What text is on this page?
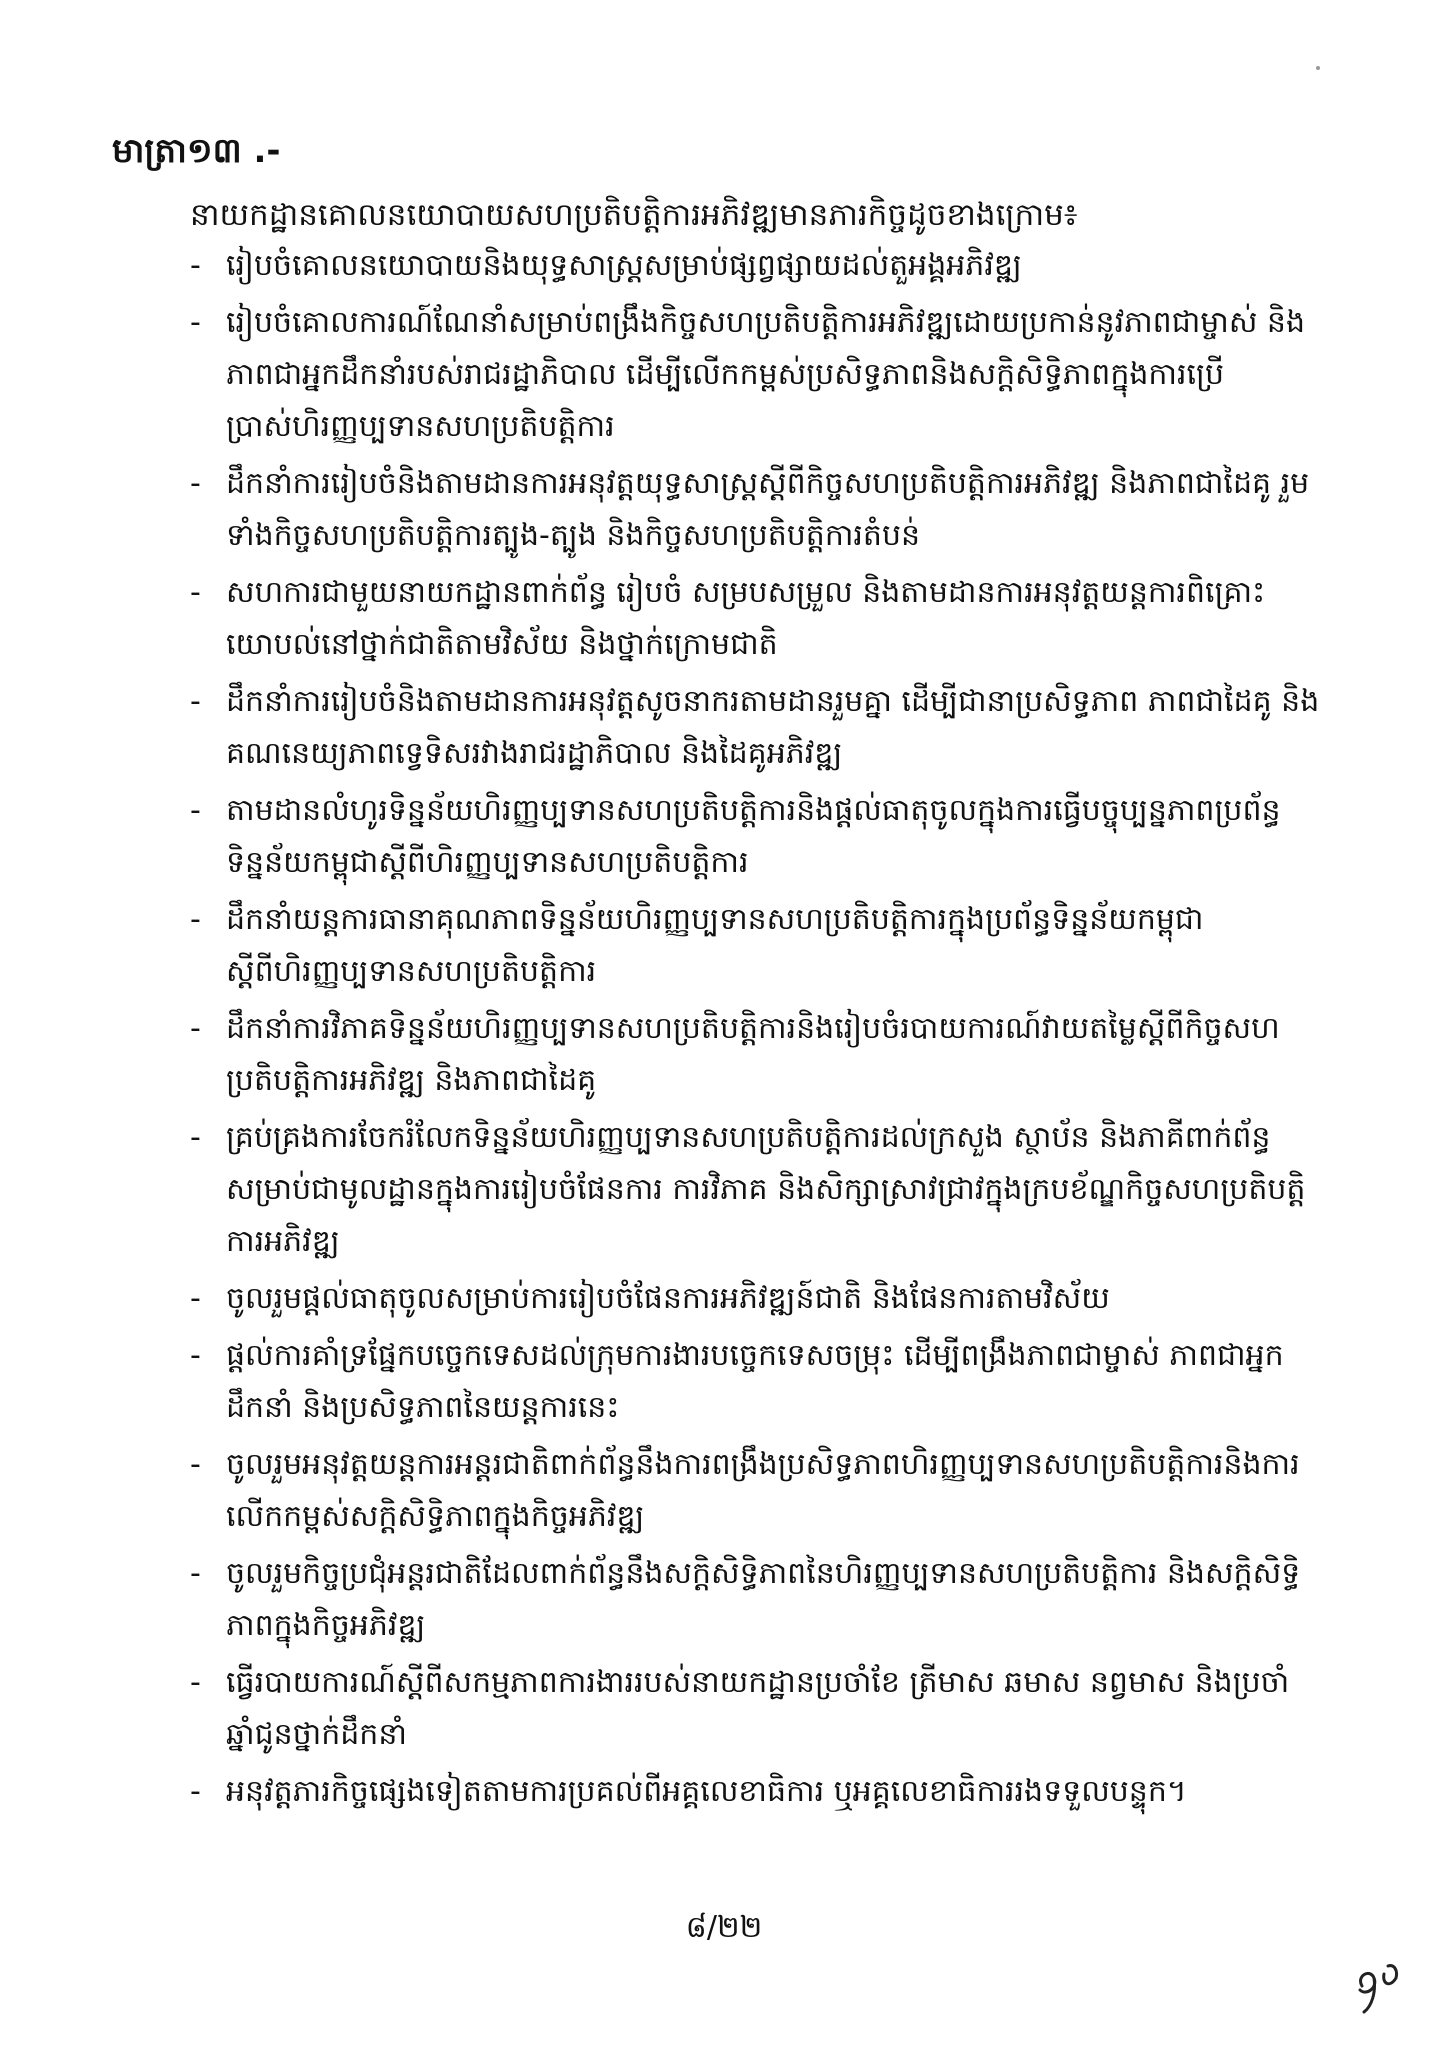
មាត្រា១៣ .-
នាយកដ្ឋានគោលនយោបាយសហប្រតិបត្តិការអភិវឌ្ឍមានភារកិច្ចដូចខាងក្រោម៖
- រៀបចំគោលនយោបាយនិងយុទ្ធសាស្ត្រសម្រាប់ផ្សព្វផ្សាយដល់តួអង្គអភិវឌ្ឍ
- រៀបចំគោលការណ៍ណែនាំសម្រាប់ពង្រឹងកិច្ចសហប្រតិបត្តិការអភិវឌ្ឍដោយប្រកាន់នូវភាពជាម្ចាស់ និងភាពជាអ្នកដឹកនាំរបស់រាជរដ្ឋាភិបាល ដើម្បីលើកកម្ពស់ប្រសិទ្ធភាពនិងសក្តិសិទ្ធិភាពក្នុងការប្រើប្រាស់ហិរញ្ញប្បទានសហប្រតិបត្តិការ
- ដឹកនាំការរៀបចំនិងតាមដានការអនុវត្តយុទ្ធសាស្ត្រស្តីពីកិច្ចសហប្រតិបត្តិការអភិវឌ្ឍ និងភាពជាដៃគូ រួមទាំងកិច្ចសហប្រតិបត្តិការត្បូង-ត្បូង និងកិច្ចសហប្រតិបត្តិការតំបន់
- សហការជាមួយនាយកដ្ឋានពាក់ព័ន្ធ រៀបចំ សម្របសម្រួល និងតាមដានការអនុវត្តយន្តការពិគ្រោះយោបល់នៅថ្នាក់ជាតិតាមវិស័យ និងថ្នាក់ក្រោមជាតិ
- ដឹកនាំការរៀបចំនិងតាមដានការអនុវត្តសូចនាករតាមដានរួមគ្នា ដើម្បីជានាប្រសិទ្ធភាព ភាពជាដៃគូ និងគណនេយ្យភាពទ្វេទិសរវាងរាជរដ្ឋាភិបាល និងដៃគូអភិវឌ្ឍ
- តាមដានលំហូរទិន្នន័យហិរញ្ញប្បទានសហប្រតិបត្តិការនិងផ្តល់ធាតុចូលក្នុងការធ្វើបច្ចុប្បន្នភាពប្រព័ន្ធទិន្នន័យកម្ពុជាស្តីពីហិរញ្ញប្បទានសហប្រតិបត្តិការ
- ដឹកនាំយន្តការធានាគុណភាពទិន្នន័យហិរញ្ញប្បទានសហប្រតិបត្តិការក្នុងប្រព័ន្ធទិន្នន័យកម្ពុជាស្តីពីហិរញ្ញប្បទានសហប្រតិបត្តិការ
- ដឹកនាំការវិភាគទិន្នន័យហិរញ្ញប្បទានសហប្រតិបត្តិការនិងរៀបចំរបាយការណ៍វាយតម្លៃស្តីពីកិច្ចសហប្រតិបត្តិការអភិវឌ្ឍ និងភាពជាដៃគូ
- គ្រប់គ្រងការចែករំលែកទិន្នន័យហិរញ្ញប្បទានសហប្រតិបត្តិការដល់ក្រសួង ស្ថាប័ន និងភាគីពាក់ព័ន្ធ សម្រាប់ជាមូលដ្ឋានក្នុងការរៀបចំផែនការ ការវិភាគ និងសិក្សាស្រាវជ្រាវក្នុងក្របខ័ណ្ឌកិច្ចសហប្រតិបត្តិការអភិវឌ្ឍ
- ចូលរួមផ្តល់ធាតុចូលសម្រាប់ការរៀបចំផែនការអភិវឌ្ឍន៍ជាតិ និងផែនការតាមវិស័យ
- ផ្តល់ការគាំទ្រផ្នែកបច្ចេកទេសដល់ក្រុមការងារបច្ចេកទេសចម្រុះ ដើម្បីពង្រឹងភាពជាម្ចាស់ ភាពជាអ្នកដឹកនាំ និងប្រសិទ្ធភាពនៃយន្តការនេះ
- ចូលរួមអនុវត្តយន្តការអន្តរជាតិពាក់ព័ន្ធនឹងការពង្រឹងប្រសិទ្ធភាពហិរញ្ញប្បទានសហប្រតិបត្តិការនិងការលើកកម្ពស់សក្តិសិទ្ធិភាពក្នុងកិច្ចអភិវឌ្ឍ
- ចូលរួមកិច្ចប្រជុំអន្តរជាតិដែលពាក់ព័ន្ធនឹងសក្តិសិទ្ធិភាពនៃហិរញ្ញប្បទានសហប្រតិបត្តិការ និងសក្តិសិទ្ធិភាពក្នុងកិច្ចអភិវឌ្ឍ
- ធ្វើរបាយការណ៍ស្តីពីសកម្មភាពការងាររបស់នាយកដ្ឋានប្រចាំខែ ត្រីមាស ឆមាស នព្វមាស និងប្រចាំឆ្នាំជូនថ្នាក់ដឹកនាំ
- អនុវត្តភារកិច្ចផ្សេងទៀតតាមការប្រគល់ពីអគ្គលេខាធិការ ឬអគ្គលេខាធិការរងទទួលបន្ទុក។
៨/២២
